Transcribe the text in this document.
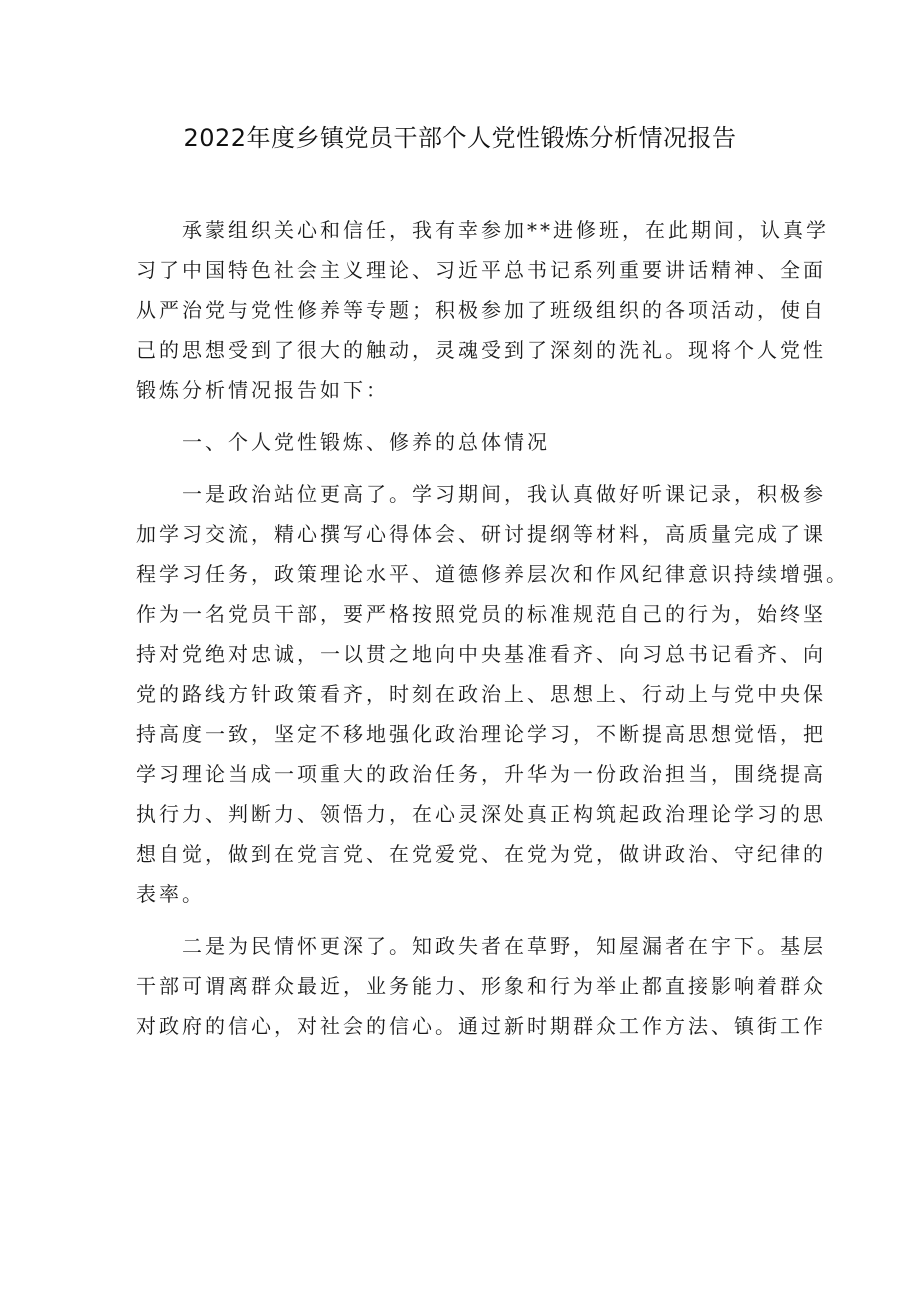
2022年度乡镇党员干部个人党性锻炼分析情况报告
承蒙组织关心和信任，我有幸参加**进修班，在此期间，认真学
习了中国特色社会主义理论、习近平总书记系列重要讲话精神、全面
从严治党与党性修养等专题；积极参加了班级组织的各项活动，使自
己的思想受到了很大的触动，灵魂受到了深刻的洗礼。现将个人党性
锻炼分析情况报告如下：
一、个人党性锻炼、修养的总体情况
一是政治站位更高了。学习期间，我认真做好听课记录，积极参
加学习交流，精心撰写心得体会、研讨提纲等材料，高质量完成了课
程学习任务，政策理论水平、道德修养层次和作风纪律意识持续增强。
作为一名党员干部，要严格按照党员的标准规范自己的行为，始终坚
持对党绝对忠诚，一以贯之地向中央基准看齐、向习总书记看齐、向
党的路线方针政策看齐，时刻在政治上、思想上、行动上与党中央保
持高度一致，坚定不移地强化政治理论学习，不断提高思想觉悟，把
学习理论当成一项重大的政治任务，升华为一份政治担当，围绕提高
执行力、判断力、领悟力，在心灵深处真正构筑起政治理论学习的思
想自觉，做到在党言党、在党爱党、在党为党，做讲政治、守纪律的
表率。
二是为民情怀更深了。知政失者在草野，知屋漏者在宇下。基层
干部可谓离群众最近，业务能力、形象和行为举止都直接影响着群众
对政府的信心，对社会的信心。通过新时期群众工作方法、镇街工作
